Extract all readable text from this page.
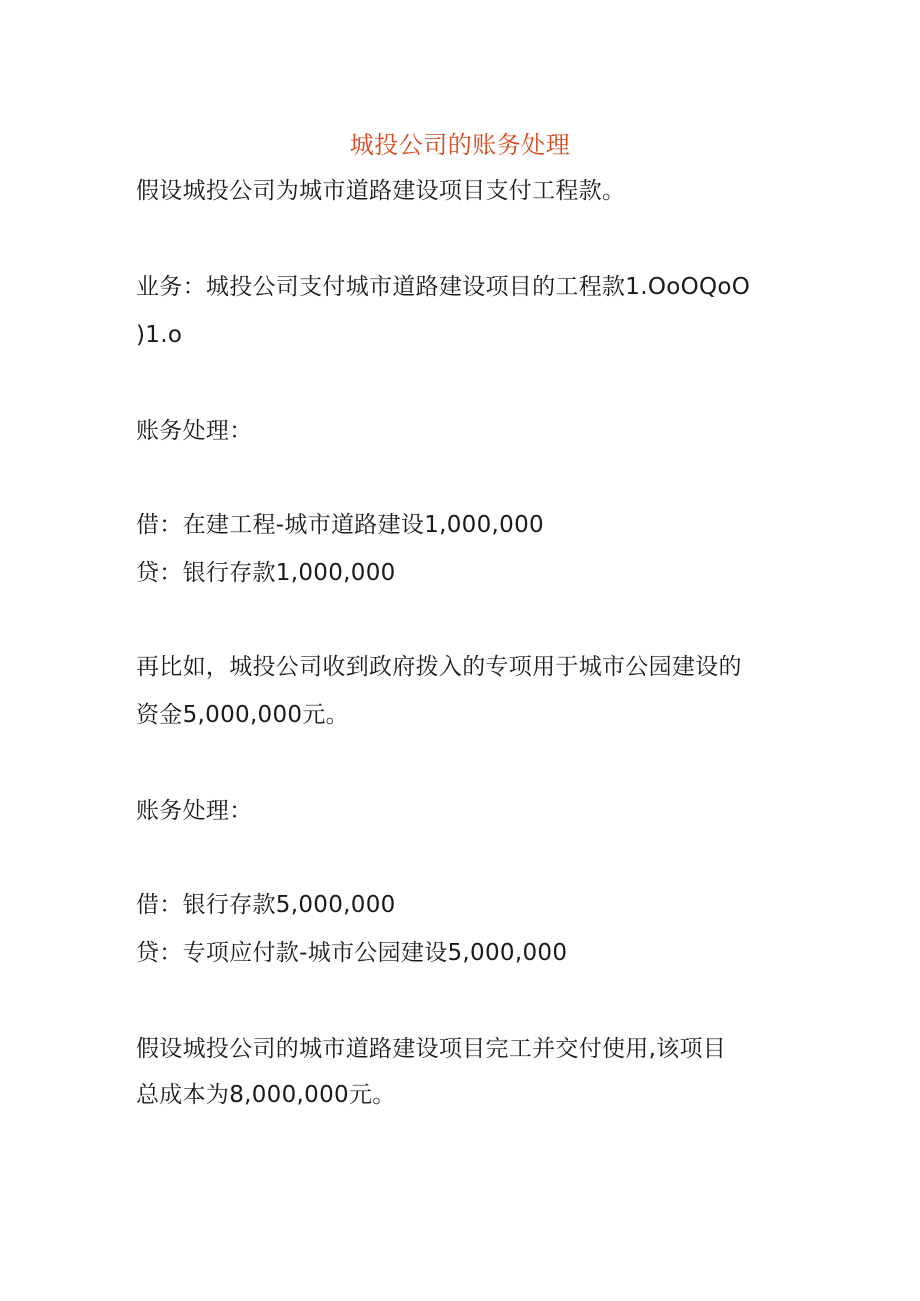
城投公司的账务处理
假设城投公司为城市道路建设项目支付工程款。
业务：城投公司支付城市道路建设项目的工程款1.OoOQoO
)1.o
账务处理：
借：在建工程-城市道路建设1,000,000
贷：银行存款1,000,000
再比如，城投公司收到政府拨入的专项用于城市公园建设的
资金5,000,000元。
账务处理：
借：银行存款5,000,000
贷：专项应付款-城市公园建设5,000,000
假设城投公司的城市道路建设项目完工并交付使用,该项目
总成本为8,000,000元。
